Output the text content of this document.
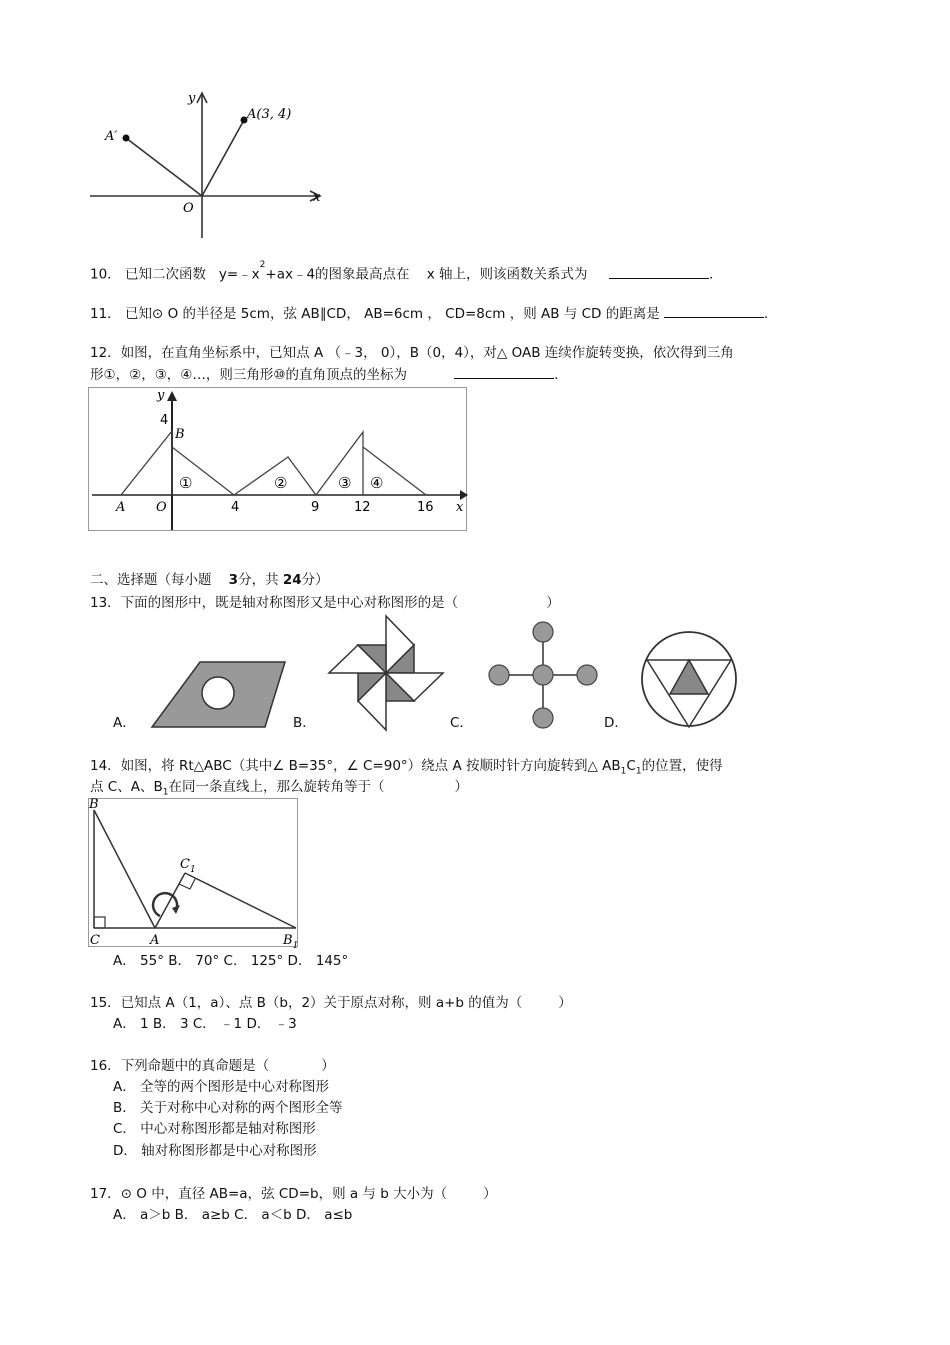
y
x
O
A(3, 4)
A′
10． 已知二次函数 $y=﹣x^2+ax﹣4$的图象最高点在 x 轴上，则该函数关系式为	．
11． 已知⊙ O 的半径是 5cm，弦 AB∥CD， AB=6cm ， CD=8cm ，则 AB 与 CD 的距离是	．
12．如图，在直角坐标系中，已知点 A （﹣3， 0），B（0，4），对△ OAB 连续作旋转变换，依次得到三角
形①，②，③，④…，则三角形⑩的直角顶点的坐标为	．
y
x
B
4
A O	4	9	12	16
①	②	③ ④
二、选择题（每小题 3分，共 24分）
13．下面的图形中，既是轴对称图形又是中心对称图形的是（	）
A．	B．	C．	D．
14．如图，将 Rt△ABC（其中∠ B=35°，∠ C=90°）绕点 A 按顺时针方向旋转到△ $AB_1C_1$的位置，使得
点 C、A、$B_1$在同一条直线上，那么旋转角等于（	）
B
C	A
$C_1$
$B_1$
A． 55° B． 70° C． 125° D． 145°
15．已知点 A（1，a）、点 B（b，2）关于原点对称，则 a+b 的值为（	）
A． 1 B． 3 C． ﹣1 D． ﹣3
16．下列命题中的真命题是（	）
A． 全等的两个图形是中心对称图形
B． 关于对称中心对称的两个图形全等
C． 中心对称图形都是轴对称图形
D． 轴对称图形都是中心对称图形
17．⊙ O 中，直径 AB=a，弦 CD=b，则 a 与 b 大小为（	）
A． a＞b B． a≥b C． a＜b D． a≤b
